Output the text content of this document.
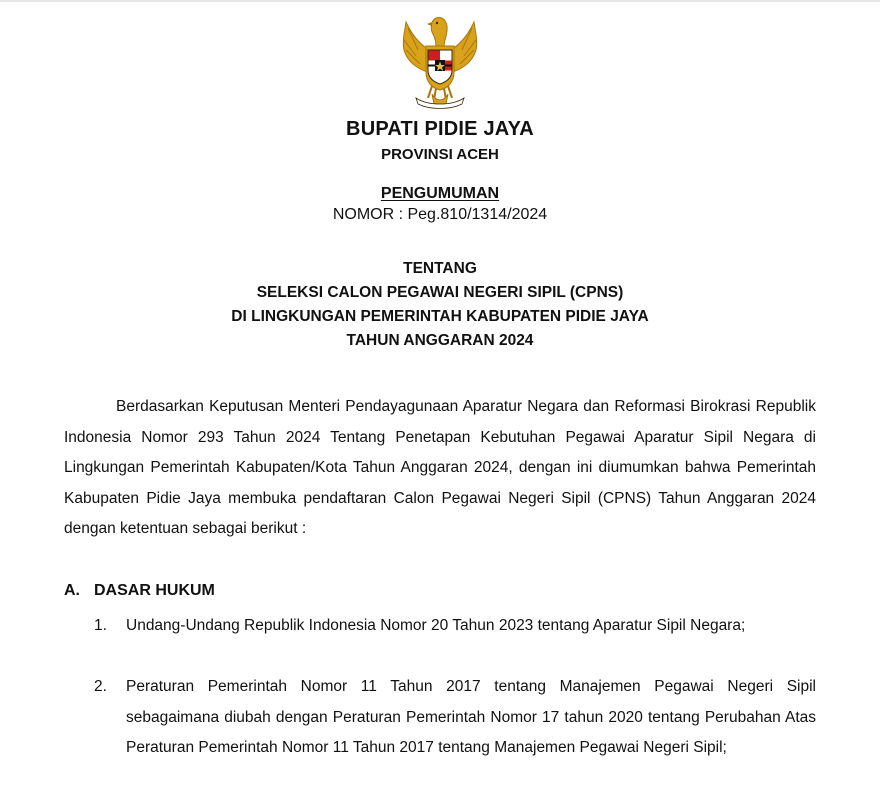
BUPATI PIDIE JAYA
PROVINSI ACEH
PENGUMUMAN
NOMOR : Peg.810/1314/2024
TENTANG
SELEKSI CALON PEGAWAI NEGERI SIPIL (CPNS)
DI LINGKUNGAN PEMERINTAH KABUPATEN PIDIE JAYA
TAHUN ANGGARAN 2024

Berdasarkan Keputusan Menteri Pendayagunaan Aparatur Negara dan Reformasi Birokrasi Republik Indonesia Nomor 293 Tahun 2024 Tentang Penetapan Kebutuhan Pegawai Aparatur Sipil Negara di Lingkungan Pemerintah Kabupaten/Kota Tahun Anggaran 2024, dengan ini diumumkan bahwa Pemerintah Kabupaten Pidie Jaya membuka pendaftaran Calon Pegawai Negeri Sipil (CPNS) Tahun Anggaran 2024 dengan ketentuan sebagai berikut :

A. DASAR HUKUM
1.	Undang-Undang Republik Indonesia Nomor 20 Tahun 2023 tentang Aparatur Sipil Negara;
2.	Peraturan Pemerintah Nomor 11 Tahun 2017 tentang Manajemen Pegawai Negeri Sipil sebagaimana diubah dengan Peraturan Pemerintah Nomor 17 tahun 2020 tentang Perubahan Atas Peraturan Pemerintah Nomor 11 Tahun 2017 tentang Manajemen Pegawai Negeri Sipil;
